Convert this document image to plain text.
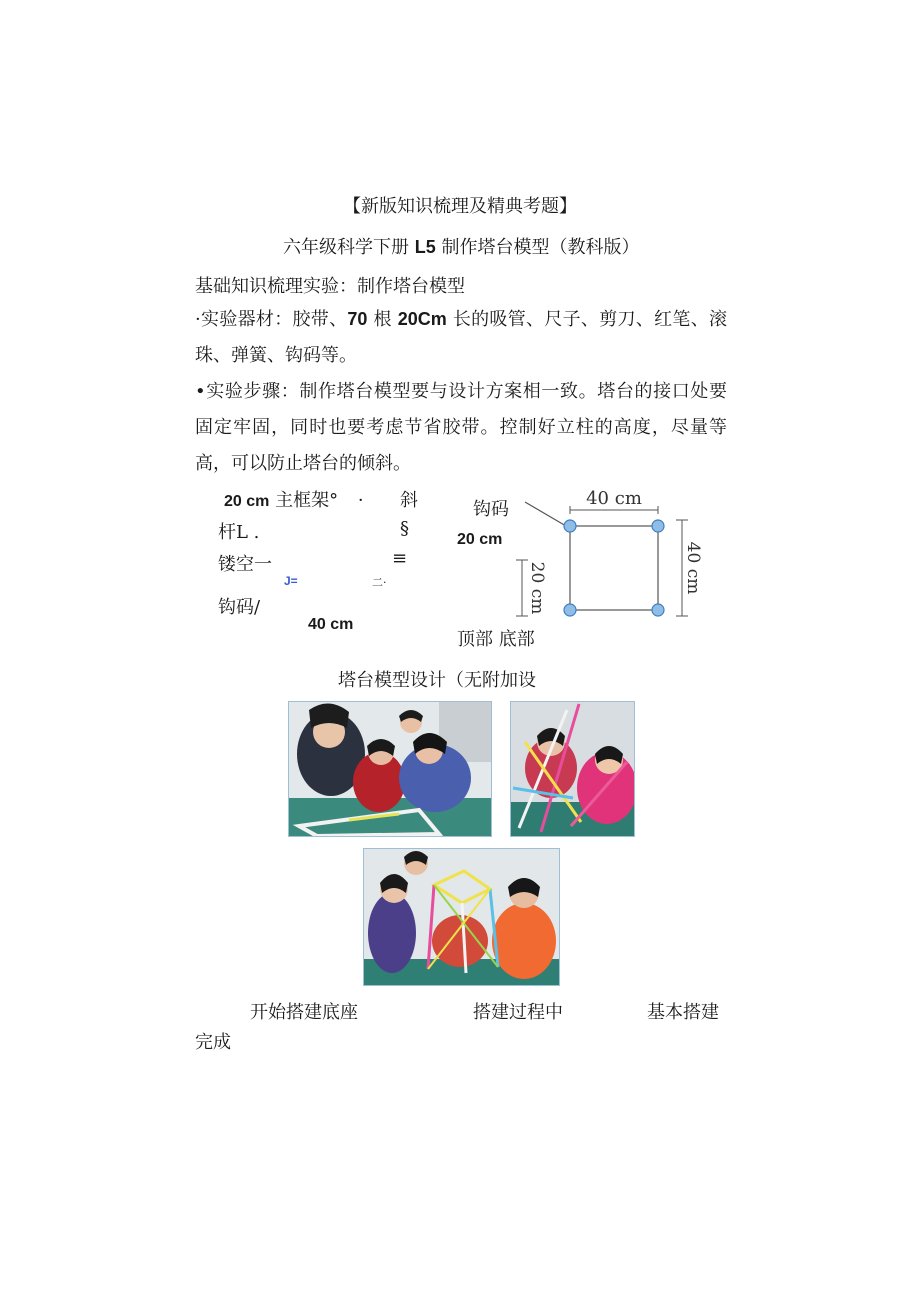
【新版知识梳理及精典考题】
六年级科学下册 L5 制作塔台模型（教科版）
基础知识梳理实验：制作塔台模型
·实验器材：胶带、70 根 20Cm 长的吸管、尺子、剪刀、红笔、滚珠、弹簧、钩码等。
•实验步骤：制作塔台模型要与设计方案相一致。塔台的接口处要固定牢固，同时也要考虑节省胶带。控制好立柱的高度，尽量等高，可以防止塔台的倾斜。
20 cm 主框架° · 斜
杆L .	§
镂空一	≡
J=	二·
钩码/
40 cm
钩码
20 cm
40 cm
40 cm
20 cm
顶部 底部
塔台模型设计（无附加设
开始搭建底座	搭建过程中	基本搭建
完成
